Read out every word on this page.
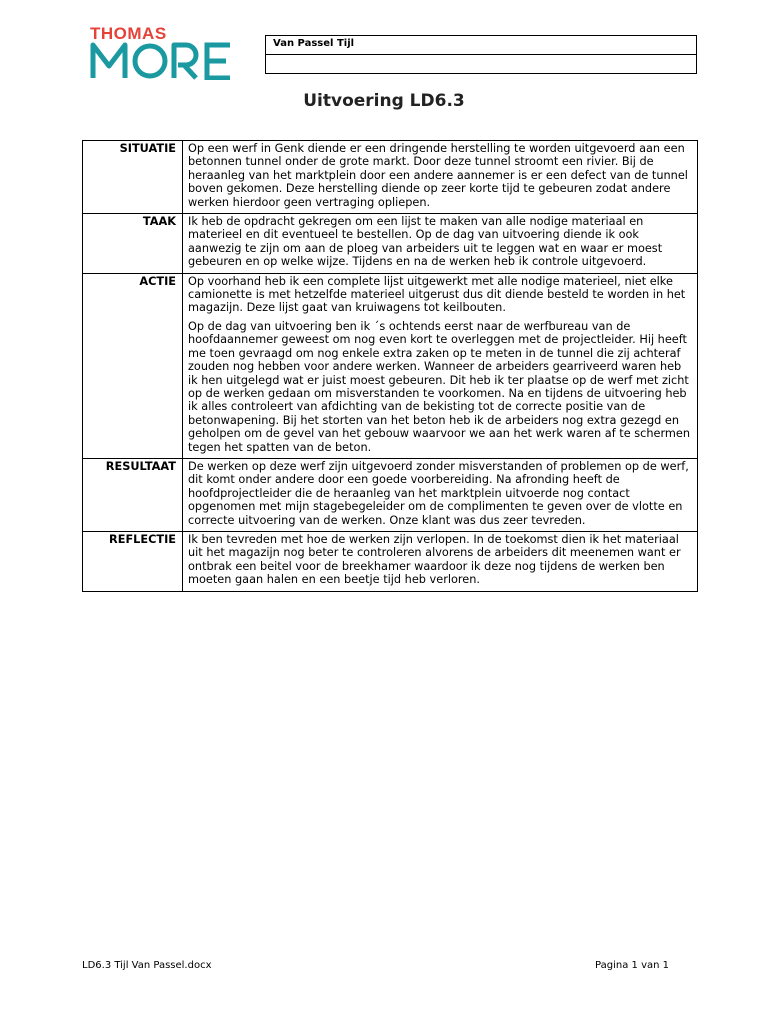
THOMAS
Van Passel Tijl
Uitvoering LD6.3
SITUATIE	Op een werf in Genk diende er een dringende herstelling te worden uitgevoerd aan een betonnen tunnel onder de grote markt. Door deze tunnel stroomt een rivier. Bij de heraanleg van het marktplein door een andere aannemer is er een defect van de tunnel boven gekomen. Deze herstelling diende op zeer korte tijd te gebeuren zodat andere werken hierdoor geen vertraging opliepen.

TAAK	Ik heb de opdracht gekregen om een lijst te maken van alle nodige materiaal en materieel en dit eventueel te bestellen. Op de dag van uitvoering diende ik ook aanwezig te zijn om aan de ploeg van arbeiders uit te leggen wat en waar er moest gebeuren en op welke wijze. Tijdens en na de werken heb ik controle uitgevoerd.

ACTIE	Op voorhand heb ik een complete lijst uitgewerkt met alle nodige materieel, niet elke camionette is met hetzelfde materieel uitgerust dus dit diende besteld te worden in het magazijn. Deze lijst gaat van kruiwagens tot keilbouten.

Op de dag van uitvoering ben ik ´s ochtends eerst naar de werfbureau van de hoofdaannemer geweest om nog even kort te overleggen met de projectleider. Hij heeft me toen gevraagd om nog enkele extra zaken op te meten in de tunnel die zij achteraf zouden nog hebben voor andere werken. Wanneer de arbeiders gearriveerd waren heb ik hen uitgelegd wat er juist moest gebeuren. Dit heb ik ter plaatse op de werf met zicht op de werken gedaan om misverstanden te voorkomen. Na en tijdens de uitvoering heb ik alles controleert van afdichting van de bekisting tot de correcte positie van de betonwapening. Bij het storten van het beton heb ik de arbeiders nog extra gezegd en geholpen om de gevel van het gebouw waarvoor we aan het werk waren af te schermen tegen het spatten van de beton.

RESULTAAT	De werken op deze werf zijn uitgevoerd zonder misverstanden of problemen op de werf, dit komt onder andere door een goede voorbereiding. Na afronding heeft de hoofdprojectleider die de heraanleg van het marktplein uitvoerde nog contact opgenomen met mijn stagebegeleider om de complimenten te geven over de vlotte en correcte uitvoering van de werken. Onze klant was dus zeer tevreden.

REFLECTIE	Ik ben tevreden met hoe de werken zijn verlopen. In de toekomst dien ik het materiaal uit het magazijn nog beter te controleren alvorens de arbeiders dit meenemen want er ontbrak een beitel voor de breekhamer waardoor ik deze nog tijdens de werken ben moeten gaan halen en een beetje tijd heb verloren.

LD6.3 Tijl Van Passel.docx	Pagina 1 van 1
